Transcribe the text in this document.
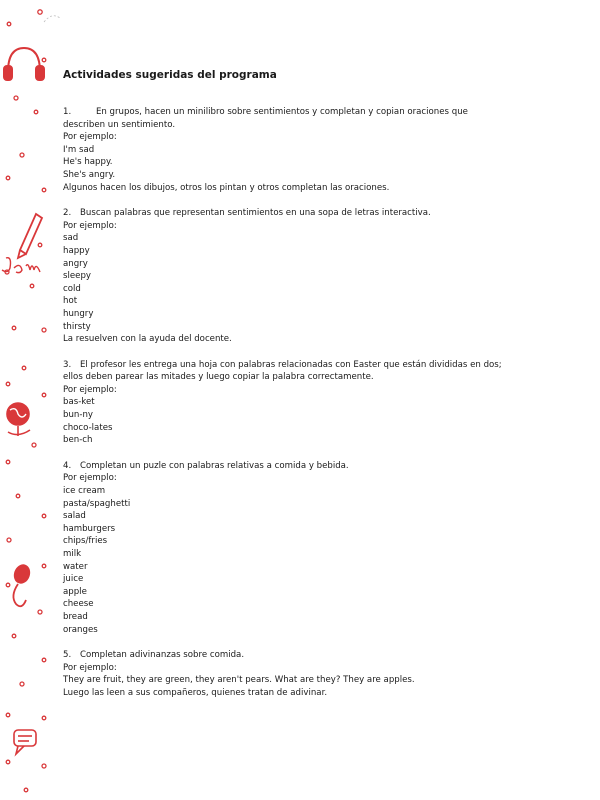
Actividades sugeridas del programa
1.	En grupos, hacen un minilibro sobre sentimientos y completan y copian oraciones que
describen un sentimiento.
Por ejemplo:
I'm sad
He's happy.
She's angry.
Algunos hacen los dibujos, otros los pintan y otros completan las oraciones.
2. Buscan palabras que representan sentimientos en una sopa de letras interactiva.
Por ejemplo:
sad
happy
angry
sleepy
cold
hot
hungry
thirsty
La resuelven con la ayuda del docente.
3. El profesor les entrega una hoja con palabras relacionadas con Easter que están divididas en dos;
ellos deben parear las mitades y luego copiar la palabra correctamente.
Por ejemplo:
bas-ket
bun-ny
choco-lates
ben-ch
4. Completan un puzle con palabras relativas a comida y bebida.
Por ejemplo:
ice cream
pasta/spaghetti
salad
hamburgers
chips/fries
milk
water
juice
apple
cheese
bread
oranges
5. Completan adivinanzas sobre comida.
Por ejemplo:
They are fruit, they are green, they aren't pears. What are they? They are apples.
Luego las leen a sus compañeros, quienes tratan de adivinar.
